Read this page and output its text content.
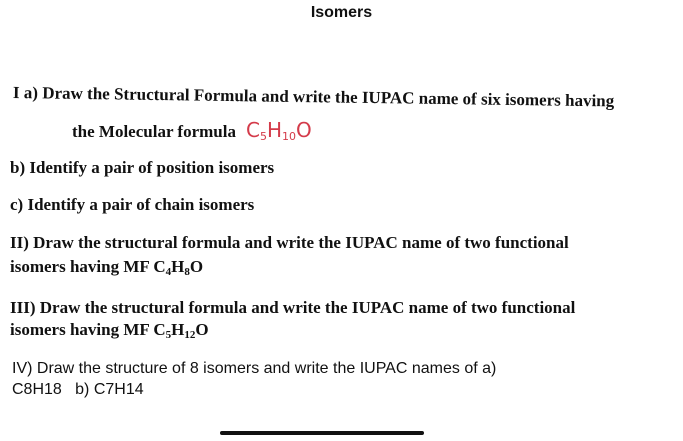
Isomers
I a) Draw the Structural Formula and write the IUPAC name of six isomers having
the Molecular formula $C_5H_{10}O$
b) Identify a pair of position isomers
c) Identify a pair of chain isomers
II) Draw the structural formula and write the IUPAC name of two functional
isomers having MF $C_4H_8O$
III) Draw the structural formula and write the IUPAC name of two functional
isomers having MF $C_5H_{12}O$
IV) Draw the structure of 8 isomers and write the IUPAC names of a)
C8H18   b) C7H14
